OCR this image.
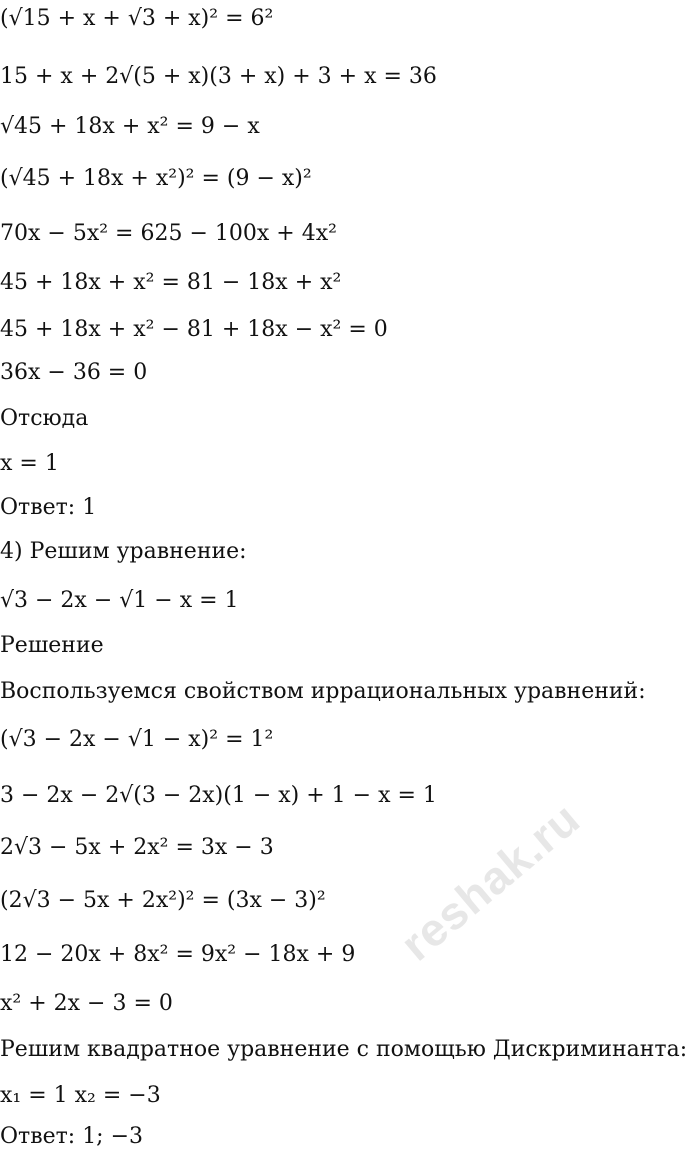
(√15 + x + √3 + x)² = 6²
15 + x + 2√(5 + x)(3 + x) + 3 + x = 36
√45 + 18x + x² = 9 − x
(√45 + 18x + x²)² = (9 − x)²
70x − 5x² = 625 − 100x + 4x²
45 + 18x + x² = 81 − 18x + x²
45 + 18x + x² − 81 + 18x − x² = 0
36x − 36 = 0
Отсюда
x = 1
Ответ: 1
4) Решим уравнение:
√3 − 2x − √1 − x = 1
Решение
Воспользуемся свойством иррациональных уравнений:
(√3 − 2x − √1 − x)² = 1²
3 − 2x − 2√(3 − 2x)(1 − x) + 1 − x = 1
2√3 − 5x + 2x² = 3x − 3
(2√3 − 5x + 2x²)² = (3x − 3)²
12 − 20x + 8x² = 9x² − 18x + 9
x² + 2x − 3 = 0
Решим квадратное уравнение с помощью Дискриминанта:
x₁ = 1 x₂ = −3
Ответ: 1; −3
reshak.ru
